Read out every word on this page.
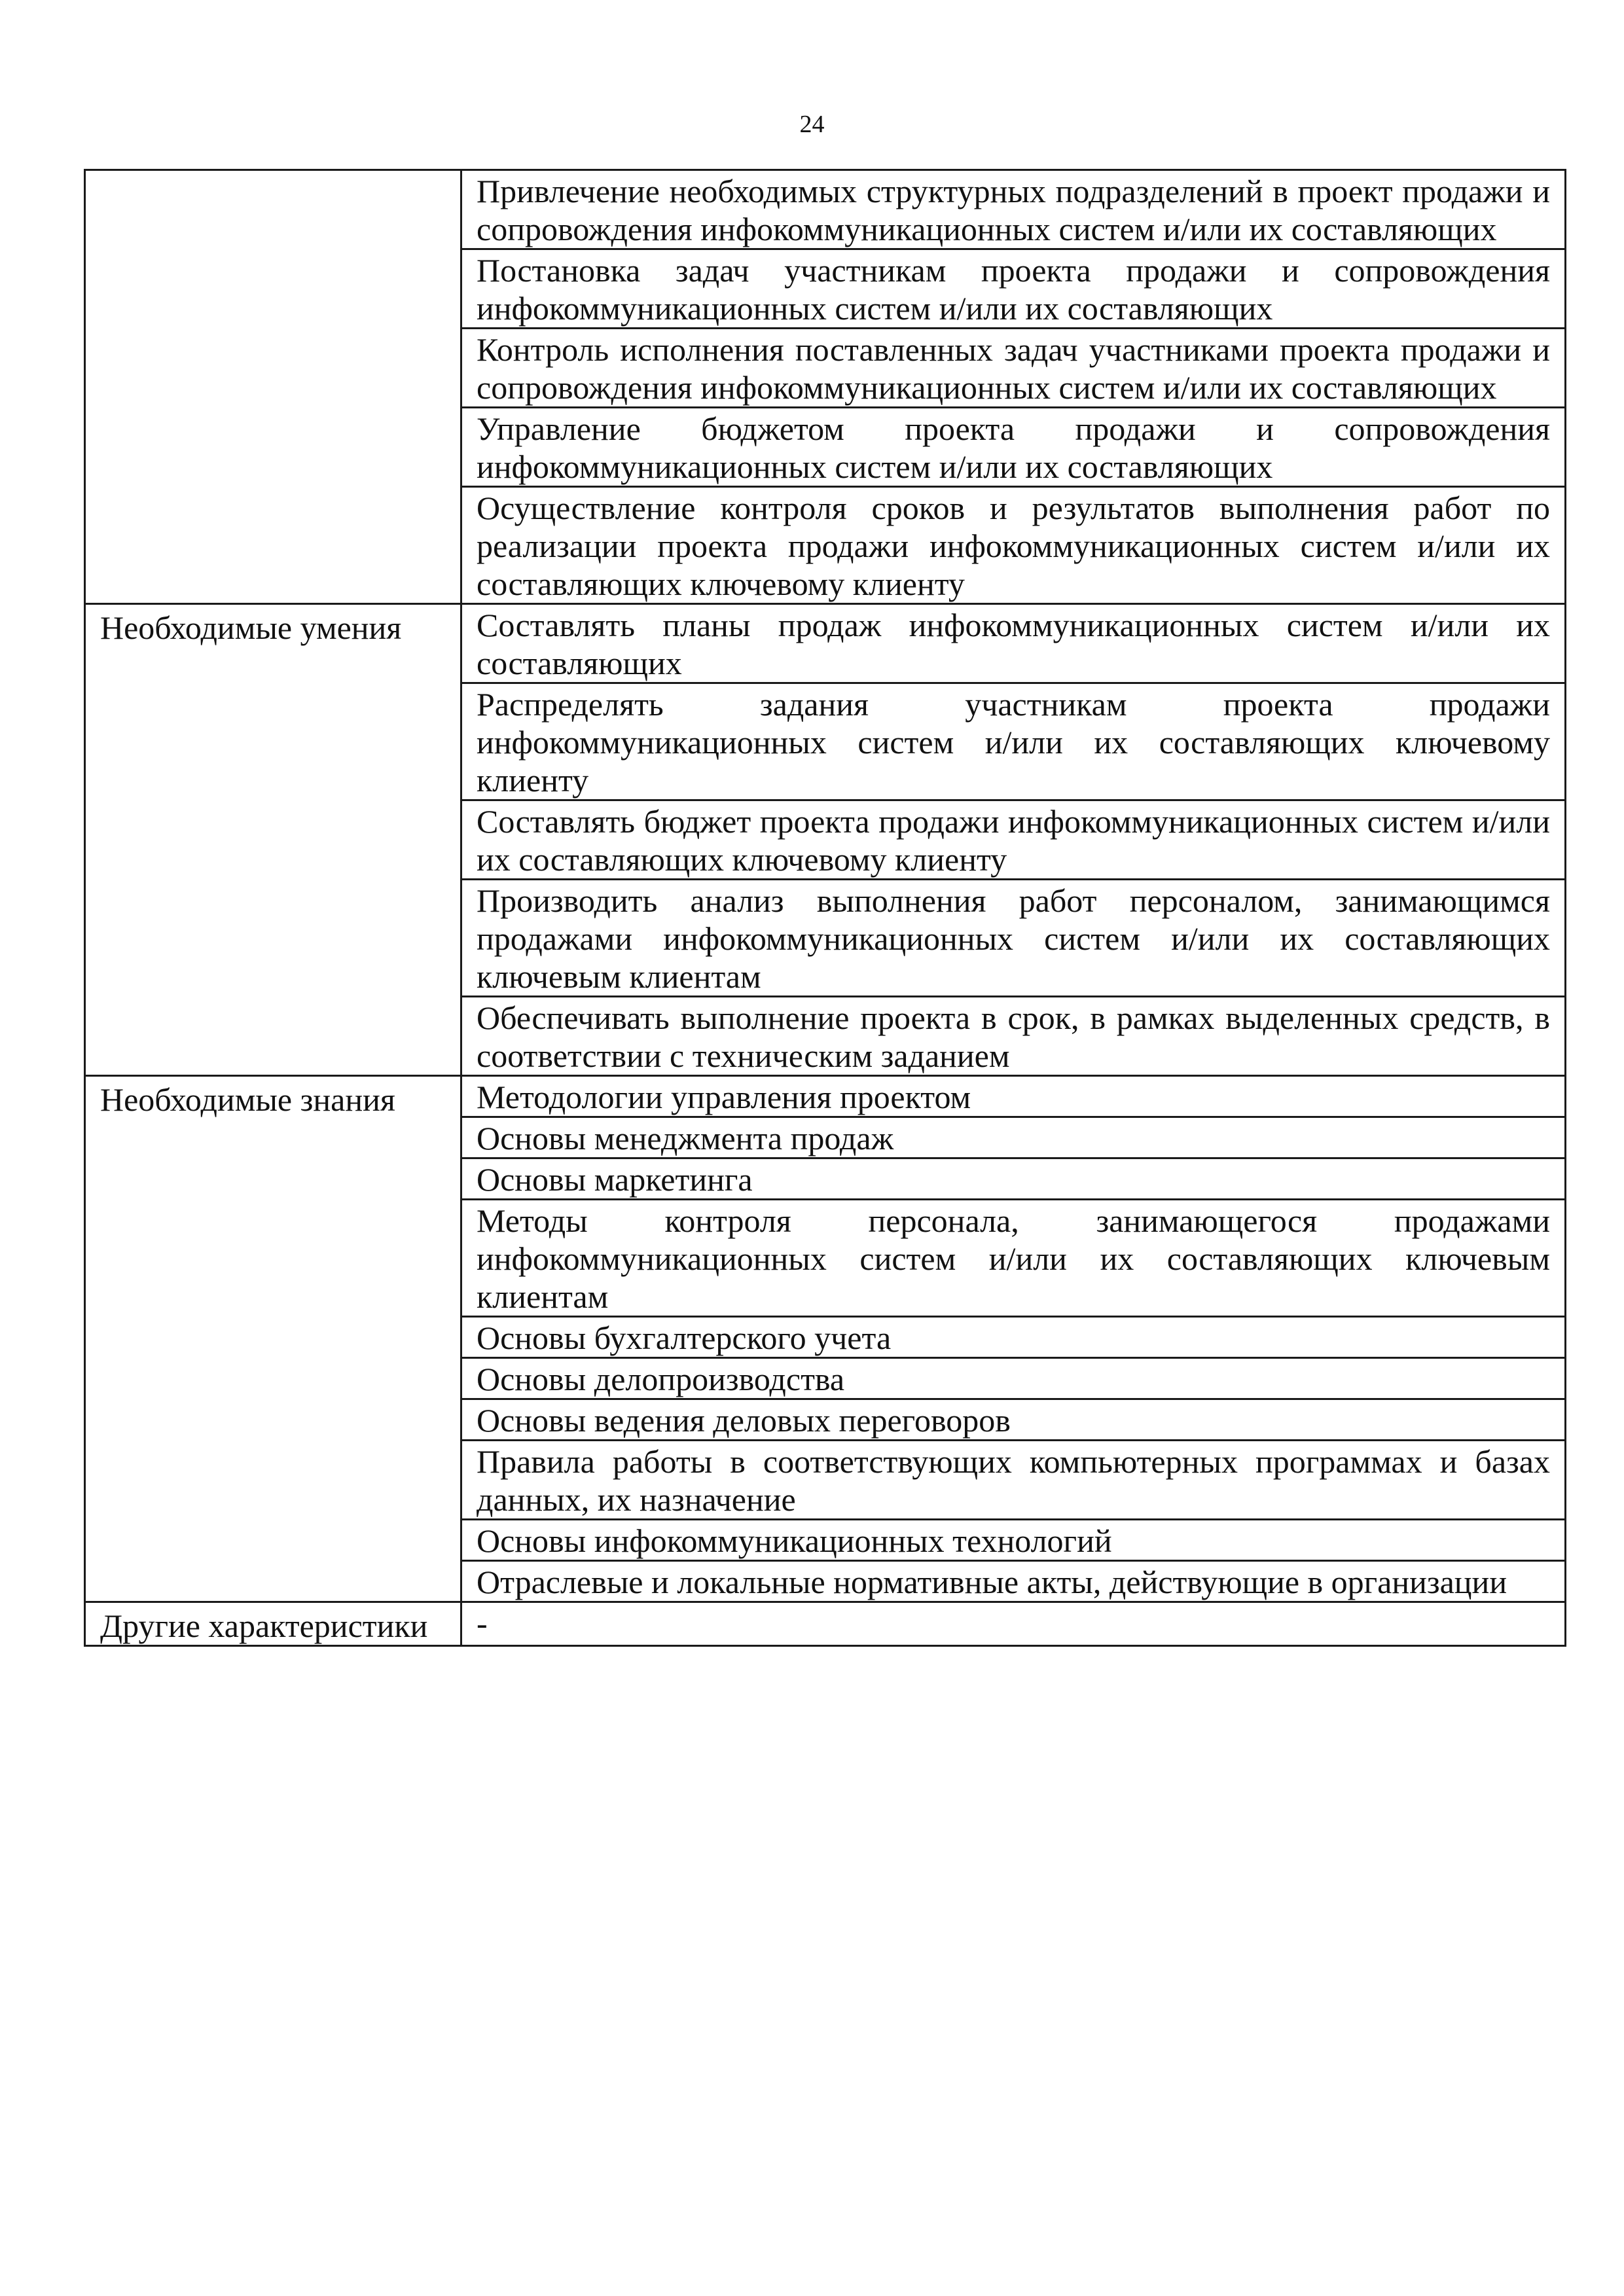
24
	Привлечение необходимых структурных подразделений в проект продажи и сопровождения инфокоммуникационных систем и/или их составляющих
	Постановка задач участникам проекта продажи и сопровождения инфокоммуникационных систем и/или их составляющих
	Контроль исполнения поставленных задач участниками проекта продажи и сопровождения инфокоммуникационных систем и/или их составляющих
	Управление бюджетом проекта продажи и сопровождения инфокоммуникационных систем и/или их составляющих
	Осуществление контроля сроков и результатов выполнения работ по реализации проекта продажи инфокоммуникационных систем и/или их составляющих ключевому клиенту
Необходимые умения	Составлять планы продаж инфокоммуникационных систем и/или их составляющих
	Распределять задания участникам проекта продажи инфокоммуникационных систем и/или их составляющих ключевому клиенту
	Составлять бюджет проекта продажи инфокоммуникационных систем и/или их составляющих ключевому клиенту
	Производить анализ выполнения работ персоналом, занимающимся продажами инфокоммуникационных систем и/или их составляющих ключевым клиентам
	Обеспечивать выполнение проекта в срок, в рамках выделенных средств, в соответствии с техническим заданием
Необходимые знания	Методологии управления проектом
	Основы менеджмента продаж
	Основы маркетинга
	Методы контроля персонала, занимающегося продажами инфокоммуникационных систем и/или их составляющих ключевым клиентам
	Основы бухгалтерского учета
	Основы делопроизводства
	Основы ведения деловых переговоров
	Правила работы в соответствующих компьютерных программах и базах данных, их назначение
	Основы инфокоммуникационных технологий
	Отраслевые и локальные нормативные акты, действующие в организации
Другие характеристики	-
